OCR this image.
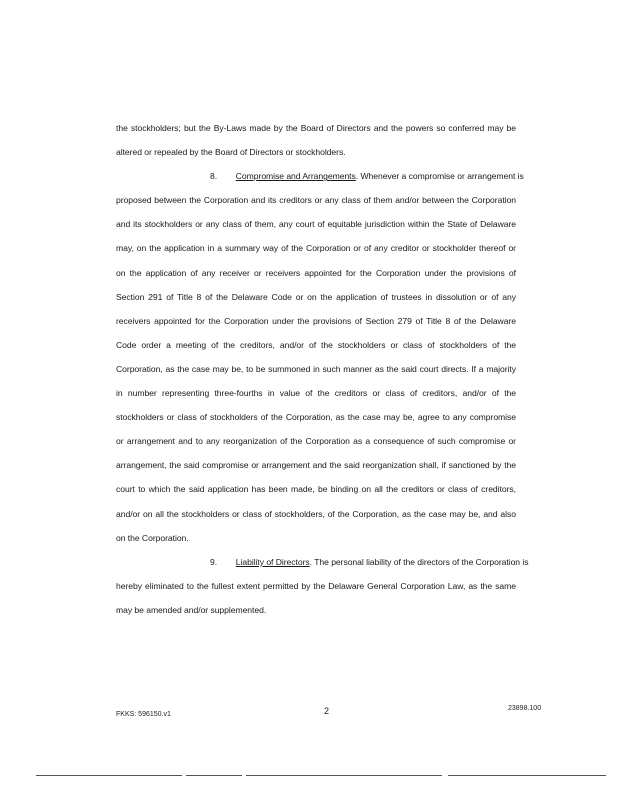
the stockholders; but the By-Laws made by the Board of Directors and the powers so conferred may be
altered or repealed by the Board of Directors or stockholders.
8. Compromise and Arrangements. Whenever a compromise or arrangement is
proposed between the Corporation and its creditors or any class of them and/or between the Corporation
and its stockholders or any class of them, any court of equitable jurisdiction within the State of Delaware
may, on the application in a summary way of the Corporation or of any creditor or stockholder thereof or
on the application of any receiver or receivers appointed for the Corporation under the provisions of
Section 291 of Title 8 of the Delaware Code or on the application of trustees in dissolution or of any
receivers appointed for the Corporation under the provisions of Section 279 of Title 8 of the Delaware
Code order a meeting of the creditors, and/or of the stockholders or class of stockholders of the
Corporation, as the case may be, to be summoned in such manner as the said court directs. If a majority
in number representing three-fourths in value of the creditors or class of creditors, and/or of the
stockholders or class of stockholders of the Corporation, as the case may be, agree to any compromise
or arrangement and to any reorganization of the Corporation as a consequence of such compromise or
arrangement, the said compromise or arrangement and the said reorganization shall, if sanctioned by the
court to which the said application has been made, be binding on all the creditors or class of creditors,
and/or on all the stockholders or class of stockholders, of the Corporation, as the case may be, and also
on the Corporation.
9. Liability of Directors. The personal liability of the directors of the Corporation is
hereby eliminated to the fullest extent permitted by the Delaware General Corporation Law, as the same
may be amended and/or supplemented.
FKKS: 596150.v1	2	23898.100
